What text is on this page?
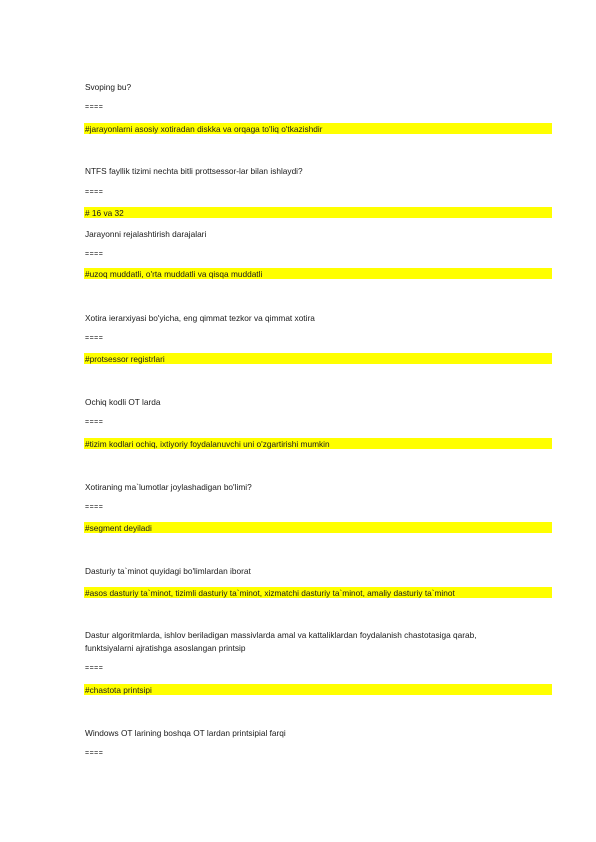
Svoping bu?
====
#jarayonlarni asosiy xotiradan diskka va orqaga to'liq o'tkazishdir
NTFS fayllik tizimi nechta bitli prottsessor-lar bilan ishlaydi?
====
# 16 va 32
Jarayonni rejalashtirish darajalari
====
#uzoq muddatli, o'rta muddatli va qisqa muddatli
Xotira ierarxiyasi bo'yicha, eng qimmat tezkor va qimmat xotira
====
#protsessor registrlari
Ochiq kodli OT larda
====
#tizim kodlari ochiq, ixtiyoriy foydalanuvchi uni o'zgartirishi mumkin
Xotiraning ma`lumotlar joylashadigan bo'limi?
====
#segment deyiladi
Dasturiy ta`minot quyidagi bo'limlardan iborat
#asos dasturiy ta`minot, tizimli dasturiy ta`minot, xizmatchi dasturiy ta`minot, amaliy dasturiy ta`minot
Dastur algoritmlarda, ishlov beriladigan massivlarda amal va kattaliklardan foydalanish chastotasiga qarab,
funktsiyalarni ajratishga asoslangan printsip
====
#chastota printsipi
Windows OT larining boshqa OT lardan printsipial farqi
====
